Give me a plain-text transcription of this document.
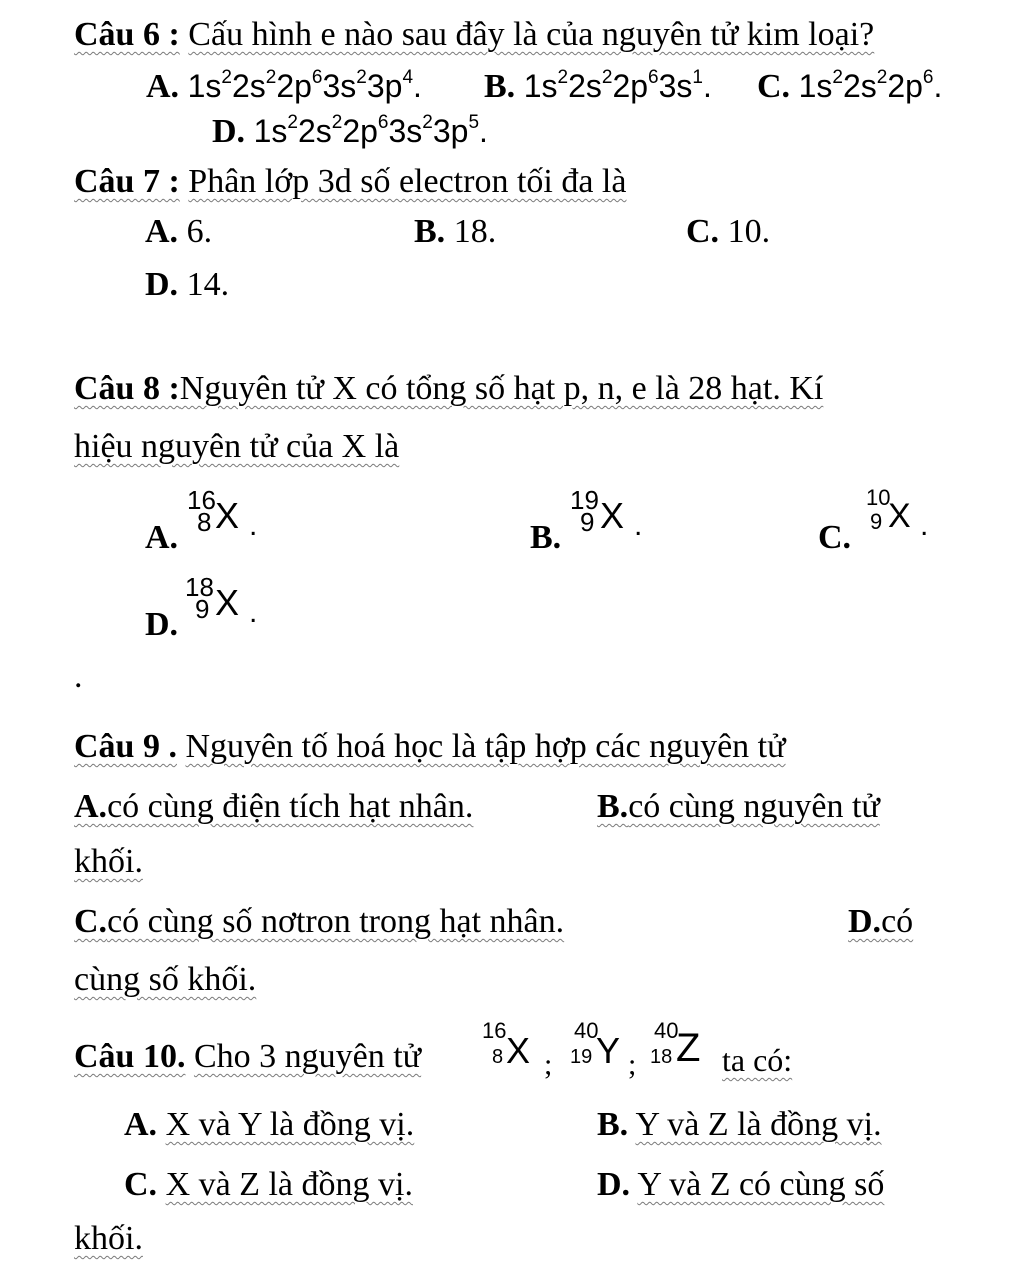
Câu 6 : Cấu hình e nào sau đây là của nguyên tử kim loại?
A. $1s^22s^22p^63s^23p^4$. B. $1s^22s^22p^63s^1$. C. $1s^22s^22p^6$.
D. $1s^22s^22p^63s^23p^5$.
Câu 7 : Phân lớp 3d số electron tối đa là
A. 6.	B. 18.	C. 10.
D. 14.
Câu 8 :Nguyên tử X có tổng số hạt p, n, e là 28 hạt. Kí
hiệu nguyên tử của X là
A.
16
8 X .	B.
19
9 X .	C.
10
9 X .
D.
18
9 X .
.
Câu 9 . Nguyên tố hoá học là tập hợp các nguyên tử
A.có cùng điện tích hạt nhân.	B.có cùng nguyên tử
khối.
C.có cùng số nơtron trong hạt nhân.	D.có
cùng số khối.
Câu 10. Cho 3 nguyên tử
16
8 X ;
40
19 Y ;
40
18 Z ta có:
A. X và Y là đồng vị.	B. Y và Z là đồng vị.
C. X và Z là đồng vị.	D. Y và Z có cùng số
khối.
